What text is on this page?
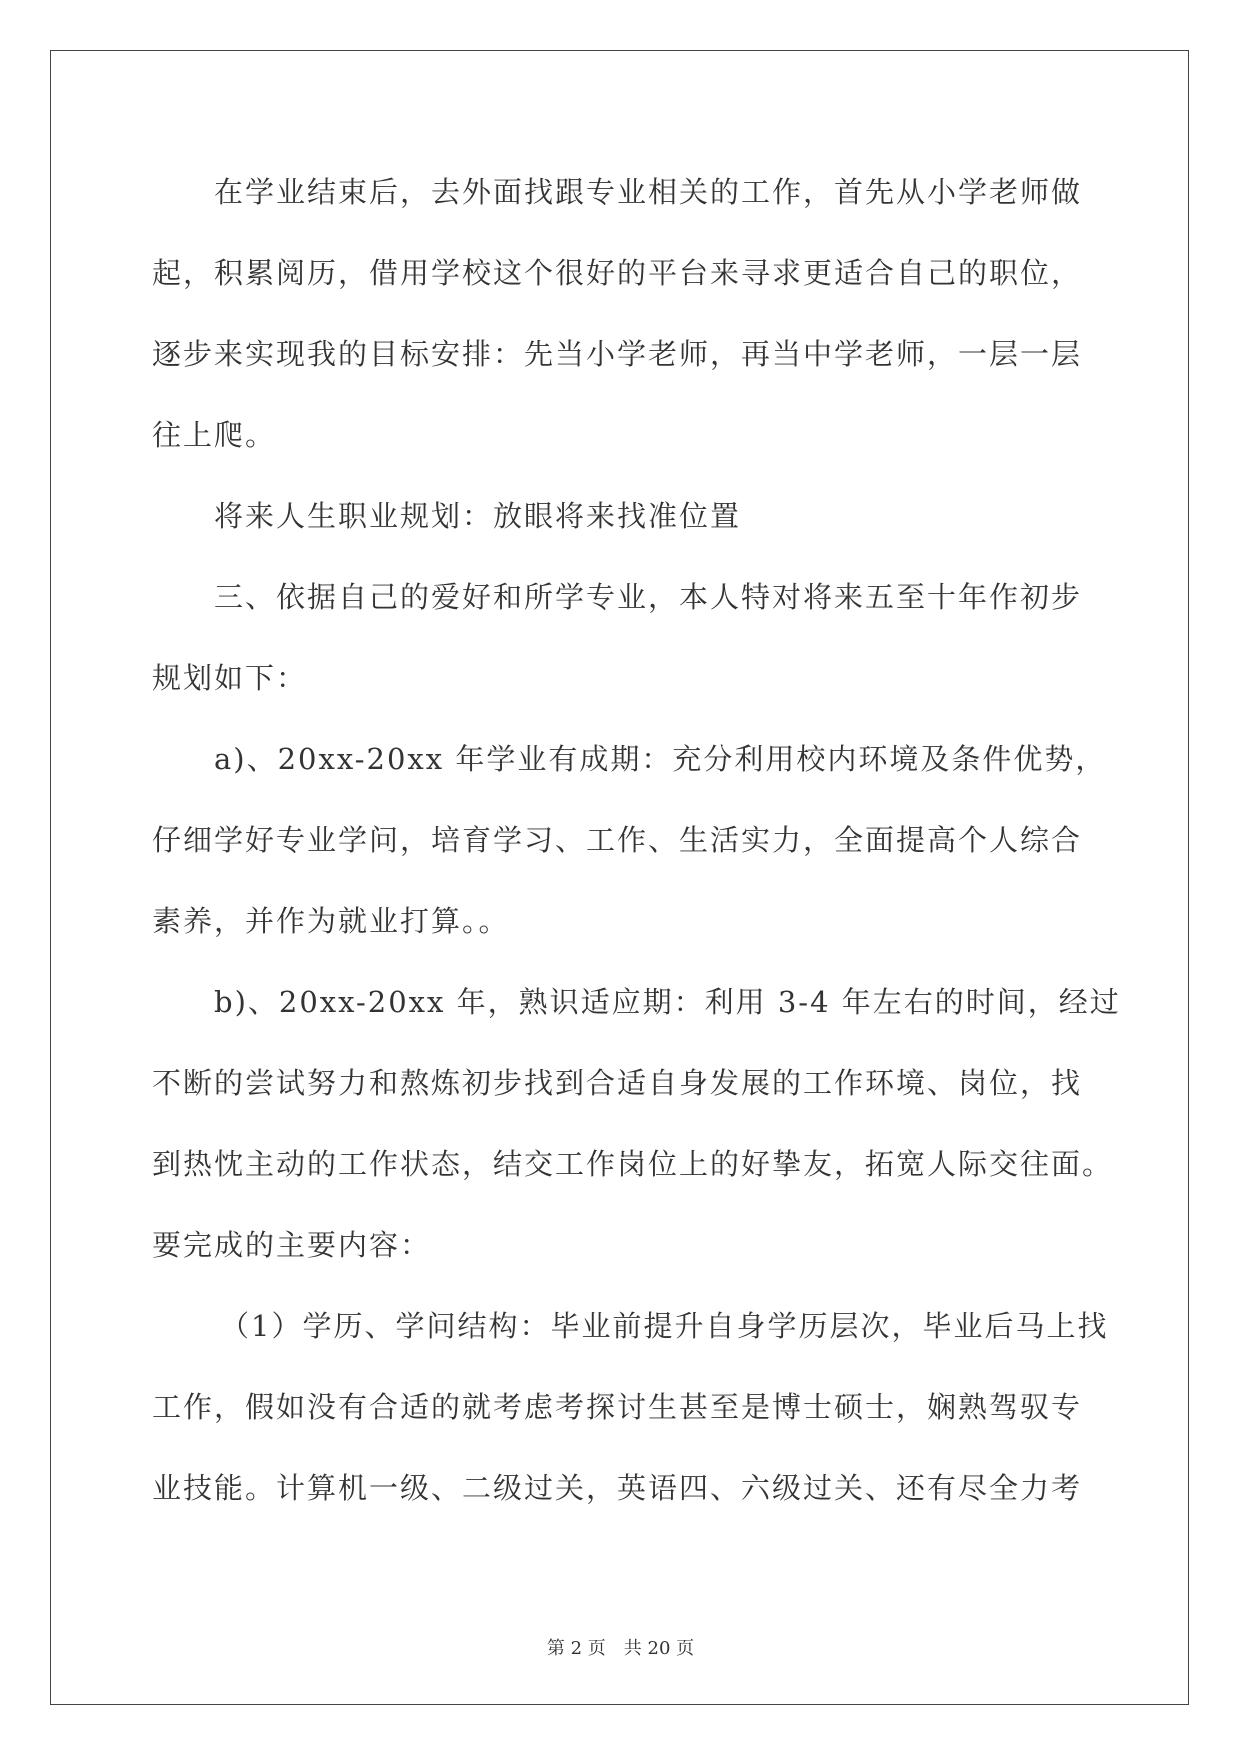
在学业结束后，去外面找跟专业相关的工作，首先从小学老师做
起，积累阅历，借用学校这个很好的平台来寻求更适合自己的职位，
逐步来实现我的目标安排：先当小学老师，再当中学老师，一层一层
往上爬。
将来人生职业规划：放眼将来找准位置
三、依据自己的爱好和所学专业，本人特对将来五至十年作初步
规划如下：
a)、20xx-20xx 年学业有成期：充分利用校内环境及条件优势，
仔细学好专业学问，培育学习、工作、生活实力，全面提高个人综合
素养，并作为就业打算。。
b)、20xx-20xx 年，熟识适应期：利用 3-4 年左右的时间，经过
不断的尝试努力和熬炼初步找到合适自身发展的工作环境、岗位，找
到热忱主动的工作状态，结交工作岗位上的好挚友，拓宽人际交往面。
要完成的主要内容：
（1）学历、学问结构：毕业前提升自身学历层次，毕业后马上找
工作，假如没有合适的就考虑考探讨生甚至是博士硕士，娴熟驾驭专
业技能。计算机一级、二级过关，英语四、六级过关、还有尽全力考
第 2 页 共 20 页
